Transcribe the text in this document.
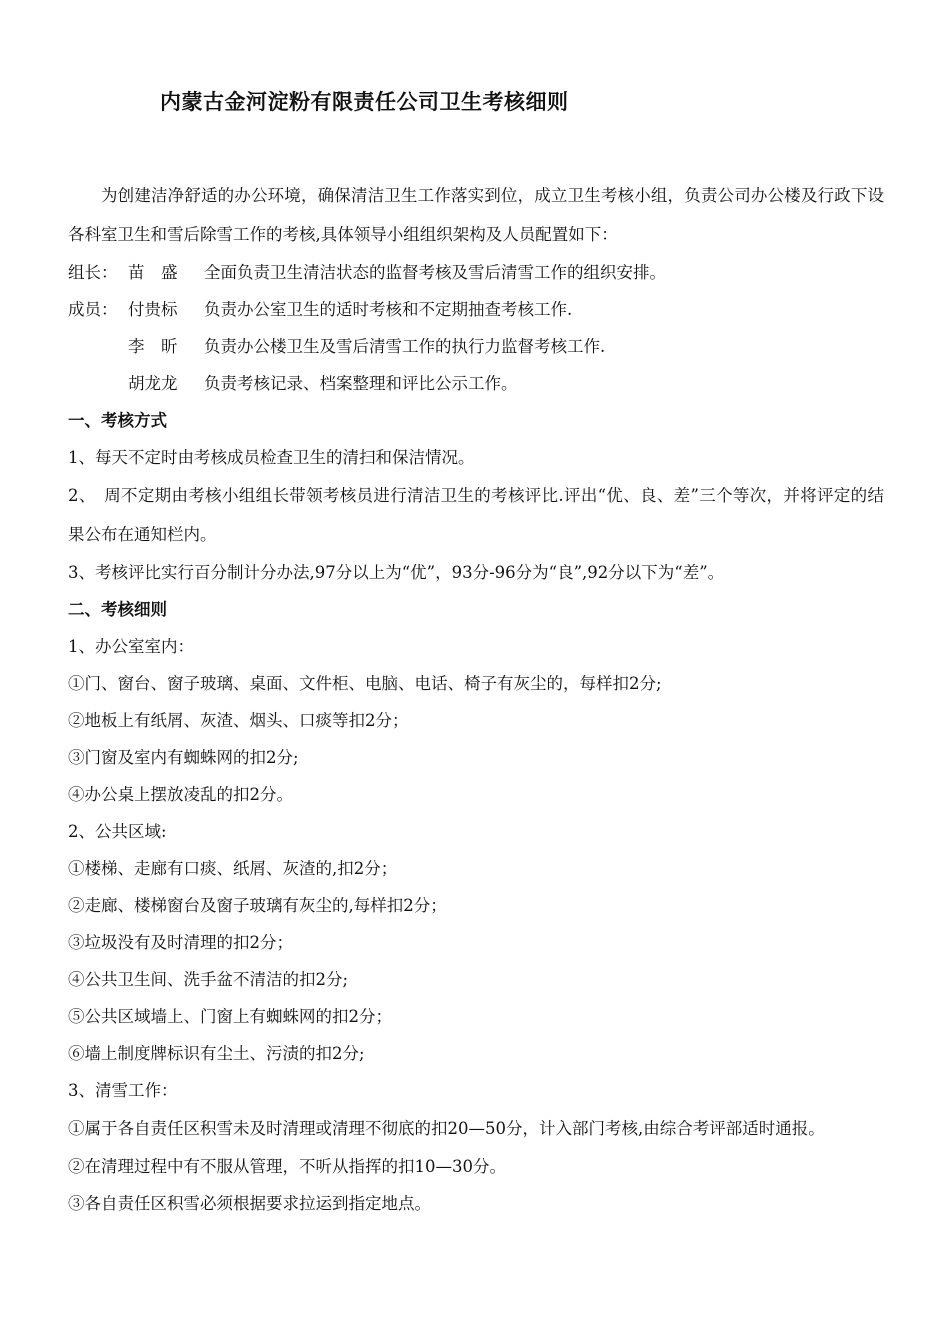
内蒙古金河淀粉有限责任公司卫生考核细则
为创建洁净舒适的办公环境，确保清洁卫生工作落实到位，成立卫生考核小组，负责公司办公楼及行政下设各科室卫生和雪后除雪工作的考核,具体领导小组组织架构及人员配置如下：
组长： 苗　盛 全面负责卫生清洁状态的监督考核及雪后清雪工作的组织安排。
成员： 付贵标 负责办公室卫生的适时考核和不定期抽查考核工作.
李　昕 负责办公楼卫生及雪后清雪工作的执行力监督考核工作.
胡龙龙 负责考核记录、档案整理和评比公示工作。
一、考核方式
1、每天不定时由考核成员检查卫生的清扫和保洁情况。
2、　周不定期由考核小组组长带领考核员进行清洁卫生的考核评比.评出“优、良、差”三个等次，并将评定的结果公布在通知栏内。
3、考核评比实行百分制计分办法,97分以上为“优”，93分-96分为“良”,92分以下为“差”。
二、考核细则
1、办公室室内：
①门、窗台、窗子玻璃、桌面、文件柜、电脑、电话、椅子有灰尘的，每样扣2分;
②地板上有纸屑、灰渣、烟头、口痰等扣2分；
③门窗及室内有蜘蛛网的扣2分;
④办公桌上摆放凌乱的扣2分。
2、公共区域:
①楼梯、走廊有口痰、纸屑、灰渣的,扣2分；
②走廊、楼梯窗台及窗子玻璃有灰尘的,每样扣2分；
③垃圾没有及时清理的扣2分；
④公共卫生间、洗手盆不清洁的扣2分;
⑤公共区域墙上、门窗上有蜘蛛网的扣2分；
⑥墙上制度牌标识有尘土、污渍的扣2分;
3、清雪工作：
①属于各自责任区积雪未及时清理或清理不彻底的扣20—50分，计入部门考核,由综合考评部适时通报。
②在清理过程中有不服从管理，不听从指挥的扣10—30分。
③各自责任区积雪必须根据要求拉运到指定地点。
